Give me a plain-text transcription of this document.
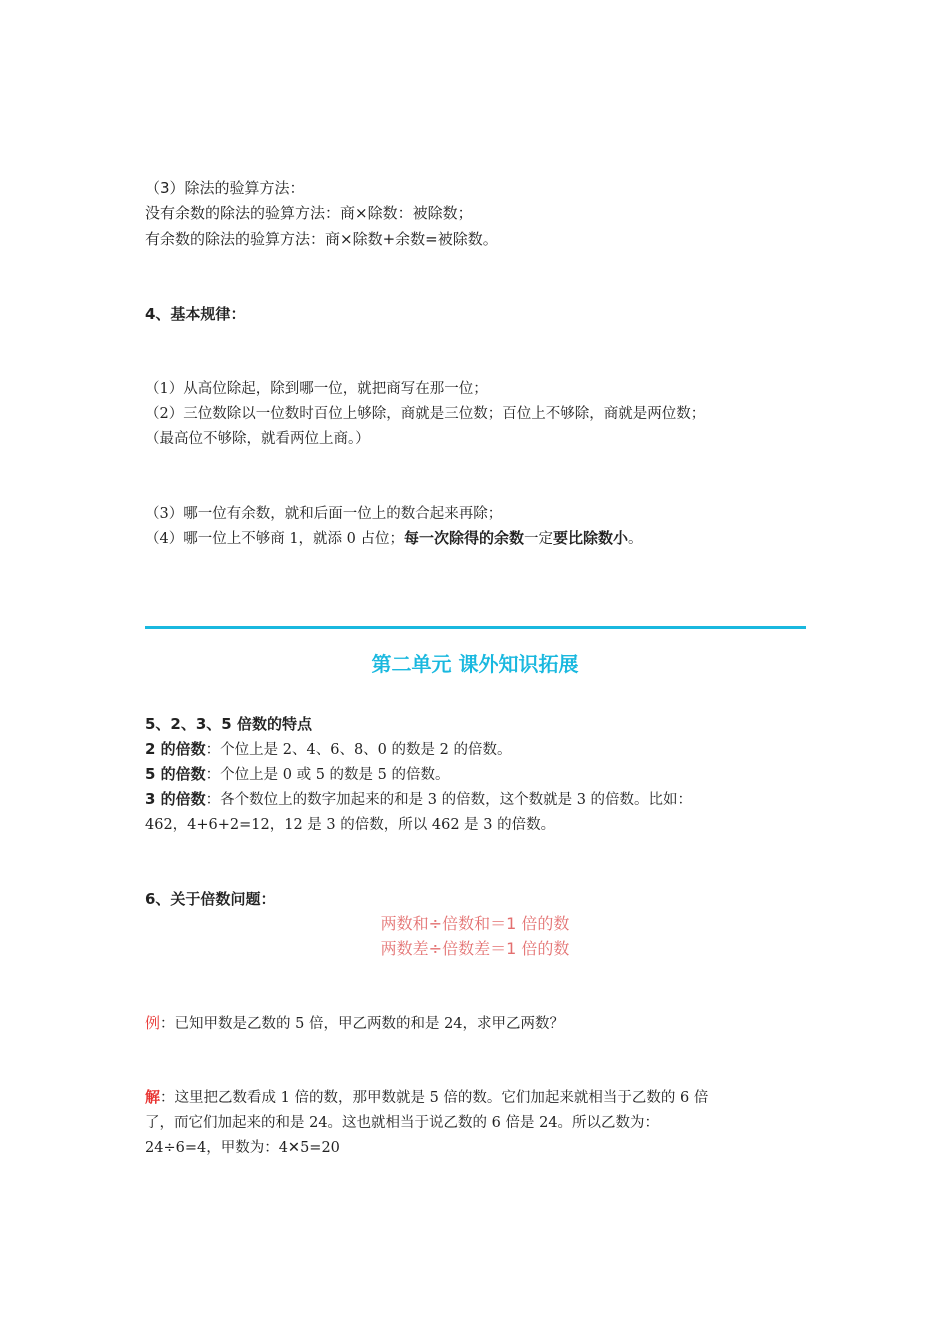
（3）除法的验算方法：
没有余数的除法的验算方法：商×除数：被除数；
有余数的除法的验算方法：商×除数+余数=被除数。
4、基本规律：
（1）从高位除起，除到哪一位，就把商写在那一位；
（2）三位数除以一位数时百位上够除，商就是三位数；百位上不够除，商就是两位数；
（最高位不够除，就看两位上商。）
（3）哪一位有余数，就和后面一位上的数合起来再除；
（4）哪一位上不够商 1，就添 0 占位；每一次除得的余数一定要比除数小。
第二单元 课外知识拓展
5、2、3、5 倍数的特点
2 的倍数：个位上是 2、4、6、8、0 的数是 2 的倍数。
5 的倍数：个位上是 0 或 5 的数是 5 的倍数。
3 的倍数：各个数位上的数字加起来的和是 3 的倍数，这个数就是 3 的倍数。比如：
462，4+6+2=12，12 是 3 的倍数，所以 462 是 3 的倍数。
6、关于倍数问题：
两数和÷倍数和＝1 倍的数
两数差÷倍数差＝1 倍的数
例：已知甲数是乙数的 5 倍，甲乙两数的和是 24，求甲乙两数？
解：这里把乙数看成 1 倍的数，那甲数就是 5 倍的数。它们加起来就相当于乙数的 6 倍
了，而它们加起来的和是 24。这也就相当于说乙数的 6 倍是 24。所以乙数为：
24÷6=4，甲数为：4✕5=20
